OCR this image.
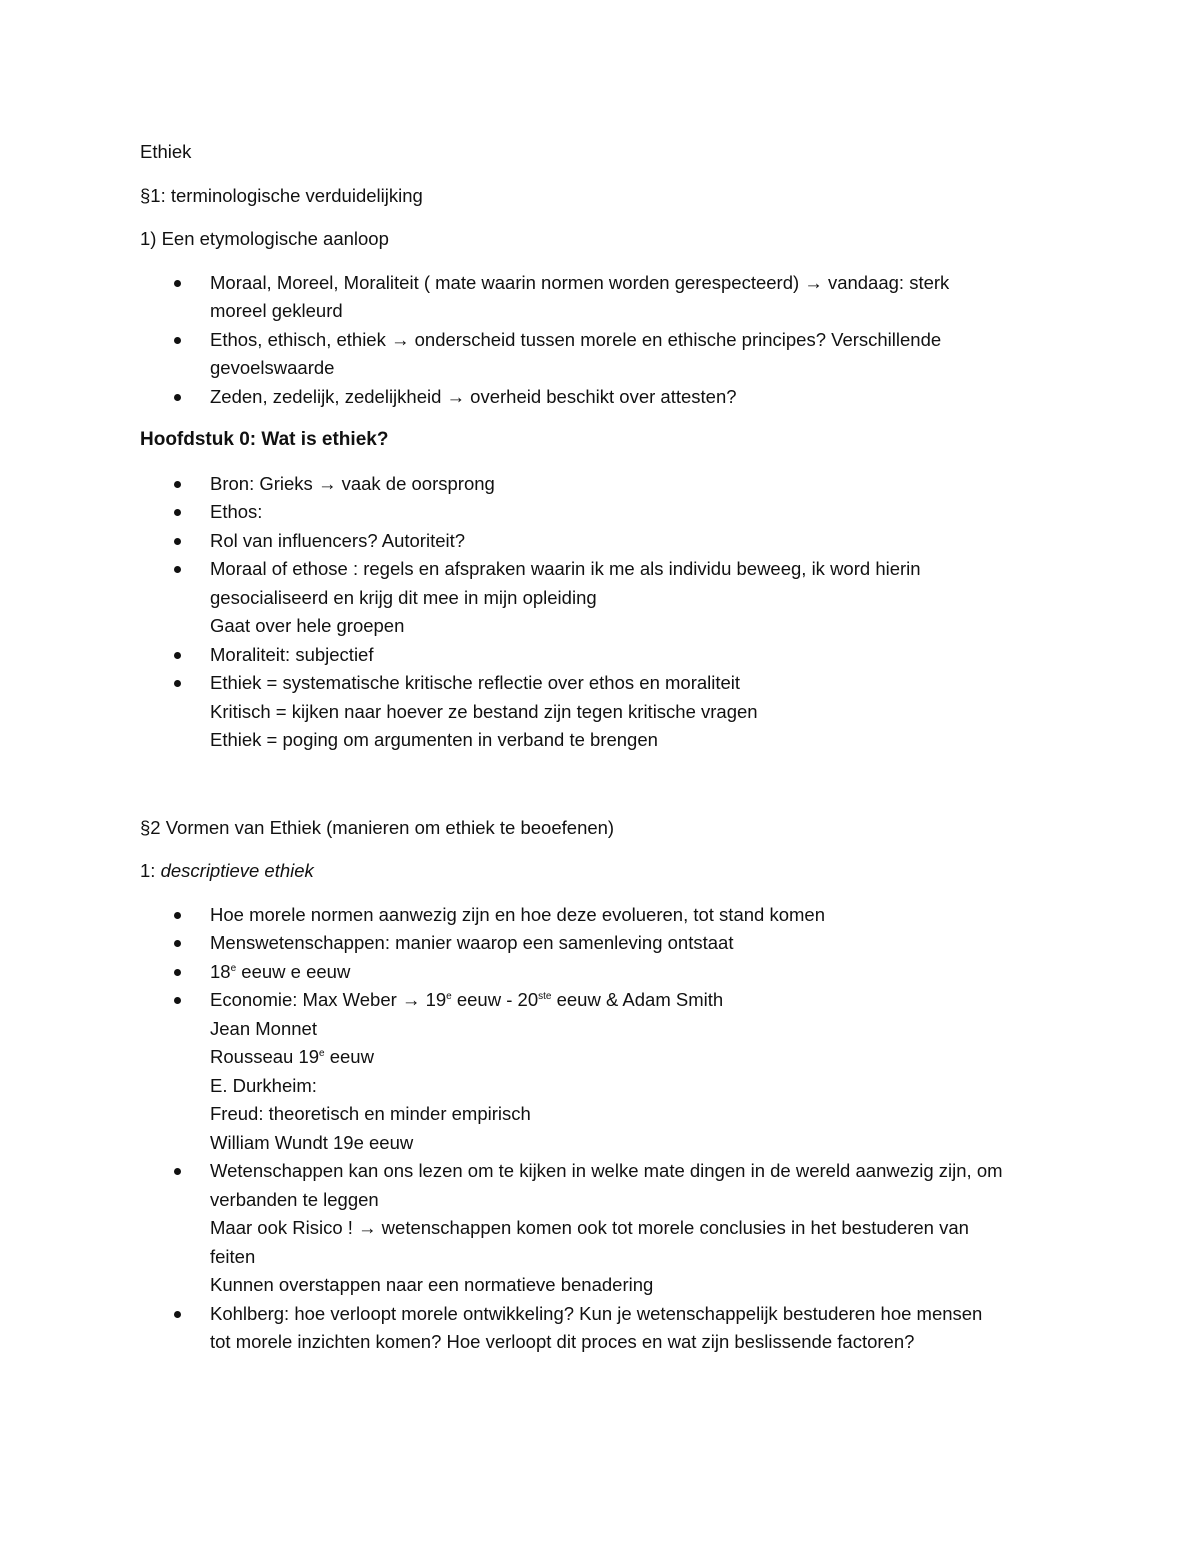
Ethiek

§1: terminologische verduidelijking

1) Een etymologische aanloop

Moraal, Moreel, Moraliteit ( mate waarin normen worden gerespecteerd) → vandaag: sterk
moreel gekleurd
Ethos, ethisch, ethiek → onderscheid tussen morele en ethische principes? Verschillende
gevoelswaarde
Zeden, zedelijk, zedelijkheid → overheid beschikt over attesten?

Hoofdstuk 0: Wat is ethiek?

Bron: Grieks → vaak de oorsprong
Ethos:
Rol van influencers? Autoriteit?
Moraal of ethose : regels en afspraken waarin ik me als individu beweeg, ik word hierin
gesocialiseerd en krijg dit mee in mijn opleiding
Gaat over hele groepen
Moraliteit: subjectief
Ethiek = systematische kritische reflectie over ethos en moraliteit
Kritisch = kijken naar hoever ze bestand zijn tegen kritische vragen
Ethiek = poging om argumenten in verband te brengen

§2 Vormen van Ethiek (manieren om ethiek te beoefenen)

1: descriptieve ethiek

Hoe morele normen aanwezig zijn en hoe deze evolueren, tot stand komen
Menswetenschappen: manier waarop een samenleving ontstaat
18e eeuw e eeuw
Economie: Max Weber → $19^e$ eeuw - 20ste eeuw & Adam Smith
Jean Monnet
Rousseau 19e eeuw
E. Durkheim:
Freud: theoretisch en minder empirisch
William Wundt 19e eeuw
Wetenschappen kan ons lezen om te kijken in welke mate dingen in de wereld aanwezig zijn, om
verbanden te leggen
Maar ook Risico ! → wetenschappen komen ook tot morele conclusies in het bestuderen van
feiten
Kunnen overstappen naar een normatieve benadering
Kohlberg: hoe verloopt morele ontwikkeling? Kun je wetenschappelijk bestuderen hoe mensen
tot morele inzichten komen? Hoe verloopt dit proces en wat zijn beslissende factoren?
